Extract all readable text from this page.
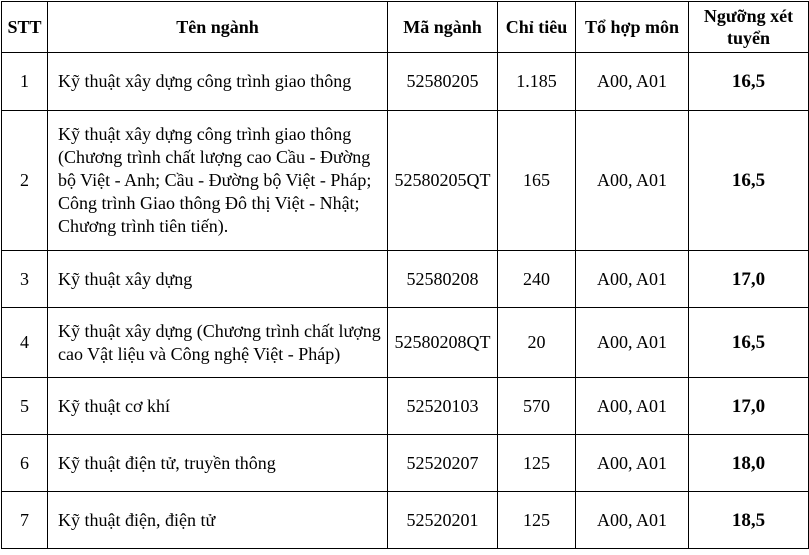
STT	Tên ngành	Mã ngành	Chỉ tiêu	Tổ hợp môn	Ngưỡng xét tuyển
1	Kỹ thuật xây dựng công trình giao thông	52580205	1.185	A00, A01	16,5
2	Kỹ thuật xây dựng công trình giao thông (Chương trình chất lượng cao Cầu - Đường bộ Việt - Anh; Cầu - Đường bộ Việt - Pháp; Công trình Giao thông Đô thị Việt - Nhật; Chương trình tiên tiến).	52580205QT	165	A00, A01	16,5
3	Kỹ thuật xây dựng	52580208	240	A00, A01	17,0
4	Kỹ thuật xây dựng (Chương trình chất lượng cao Vật liệu và Công nghệ Việt - Pháp)	52580208QT	20	A00, A01	16,5
5	Kỹ thuật cơ khí	52520103	570	A00, A01	17,0
6	Kỹ thuật điện tử, truyền thông	52520207	125	A00, A01	18,0
7	Kỹ thuật điện, điện tử	52520201	125	A00, A01	18,5
